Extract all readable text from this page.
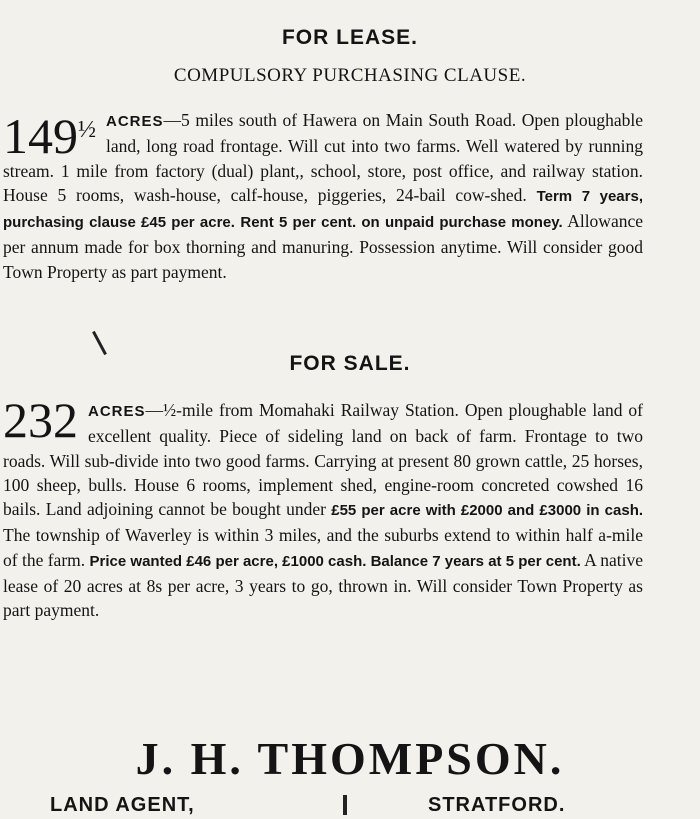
FOR LEASE.
COMPULSORY PURCHASING CLAUSE.
$149^{\frac{1}{2}}$ ACRES—5 miles south of Hawera on Main South Road. Open ploughable land, long road frontage. Will cut into two farms. Well watered by running stream. 1 mile from factory (dual) plant,, school, store, post office, and railway station. House 5 rooms, wash-house, calf-house, piggeries, 24-bail cow-shed. Term 7 years, purchasing clause £45 per acre. Rent 5 per cent. on unpaid purchase money. Allowance per annum made for box thorning and manuring. Possession anytime. Will consider good Town Property as part payment.
FOR SALE.
232 ACRES—½-mile from Momahaki Railway Station. Open ploughable land of excellent quality. Piece of sideling land on back of farm. Frontage to two roads. Will sub-divide into two good farms. Carrying at present 80 grown cattle, 25 horses, 100 sheep, bulls. House 6 rooms, implement shed, engine-room concreted cowshed 16 bails. Land adjoining cannot be bought under £55 per acre with £2000 and £3000 in cash. The township of Waverley is within 3 miles, and the suburbs extend to within half a-mile of the farm. Price wanted £46 per acre, £1000 cash. Balance 7 years at 5 per cent. A native lease of 20 acres at 8s per acre, 3 years to go, thrown in. Will consider Town Property as part payment.
J. H. THOMPSON.
LAND AGENT,	STRATFORD.
